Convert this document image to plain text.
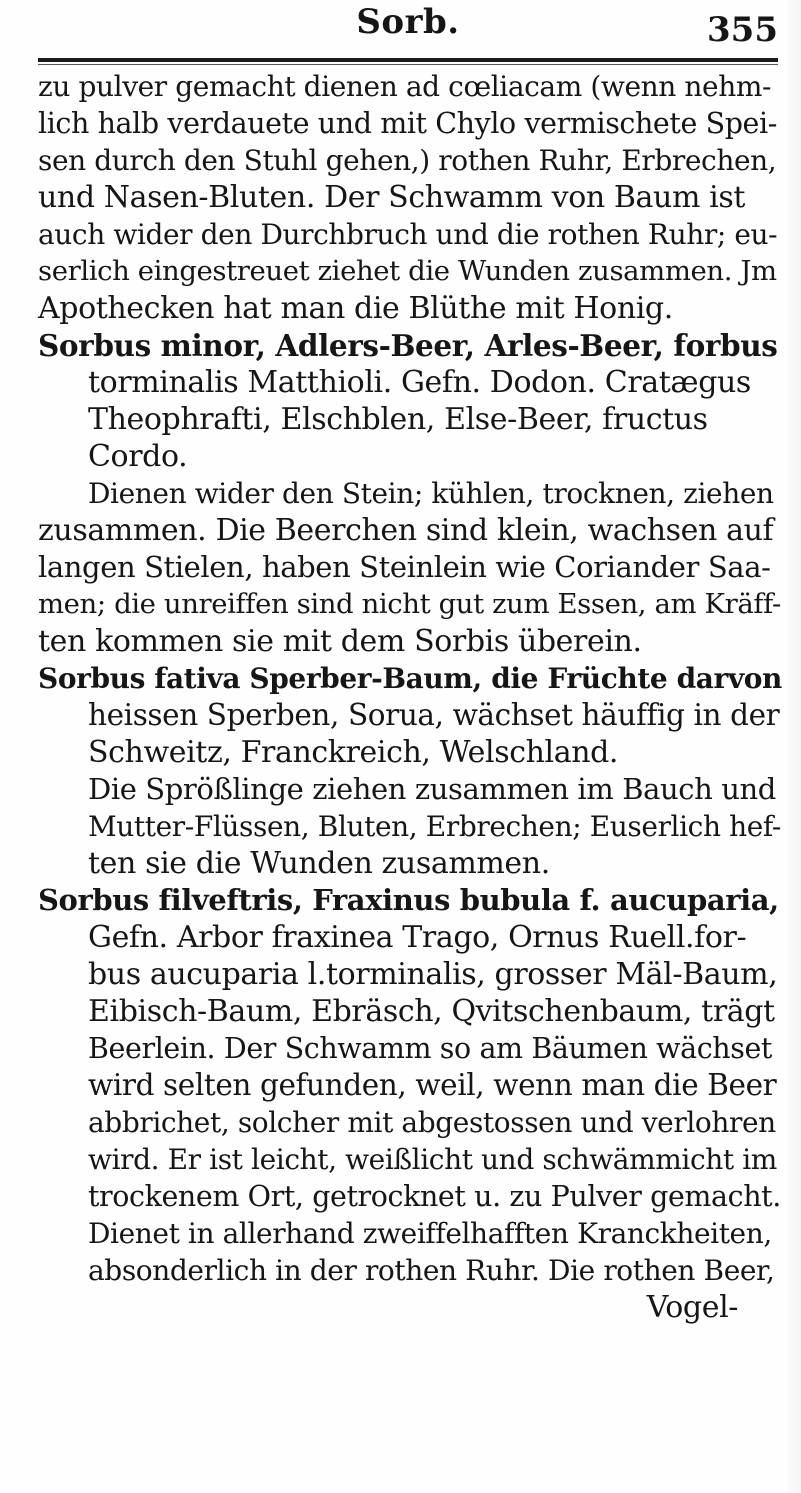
Sorb.	355
zu pulver gemacht dienen ad cœliacam (wenn nehm-
lich halb verdauete und mit Chylo vermischete Spei-
sen durch den Stuhl gehen,) rothen Ruhr, Erbrechen,
und Nasen-Bluten. Der Schwamm von Baum ist
auch wider den Durchbruch und die rothen Ruhr; eu-
serlich eingestreuet ziehet die Wunden zusammen. Jm
Apothecken hat man die Blüthe mit Honig.
Sorbus minor, Adlers-Beer, Arles-Beer, forbus
torminalis Matthioli. Gefn. Dodon. Cratægus
Theophrafti, Elschblen, Else-Beer, fructus
Cordo.
Dienen wider den Stein; kühlen, trocknen, ziehen
zusammen. Die Beerchen sind klein, wachsen auf
langen Stielen, haben Steinlein wie Coriander Saa-
men; die unreiffen sind nicht gut zum Essen, am Kräff-
ten kommen sie mit dem Sorbis überein.
Sorbus fativa Sperber-Baum, die Früchte darvon
heissen Sperben, Sorua, wächset häuffig in der
Schweitz, Franckreich, Welschland.
Die Sprößlinge ziehen zusammen im Bauch und
Mutter-Flüssen, Bluten, Erbrechen; Euserlich hef-
ten sie die Wunden zusammen.
Sorbus filveftris, Fraxinus bubula f. aucuparia,
Gefn. Arbor fraxinea Trago, Ornus Ruell.for-
bus aucuparia l.torminalis, grosser Mäl-Baum,
Eibisch-Baum, Ebräsch, Qvitschenbaum, trägt
Beerlein. Der Schwamm so am Bäumen wächset
wird selten gefunden, weil, wenn man die Beer
abbrichet, solcher mit abgestossen und verlohren
wird. Er ist leicht, weißlicht und schwämmicht im
trockenem Ort, getrocknet u. zu Pulver gemacht.
Dienet in allerhand zweiffelhafften Kranckheiten,
absonderlich in der rothen Ruhr. Die rothen Beer,
Vogel-
